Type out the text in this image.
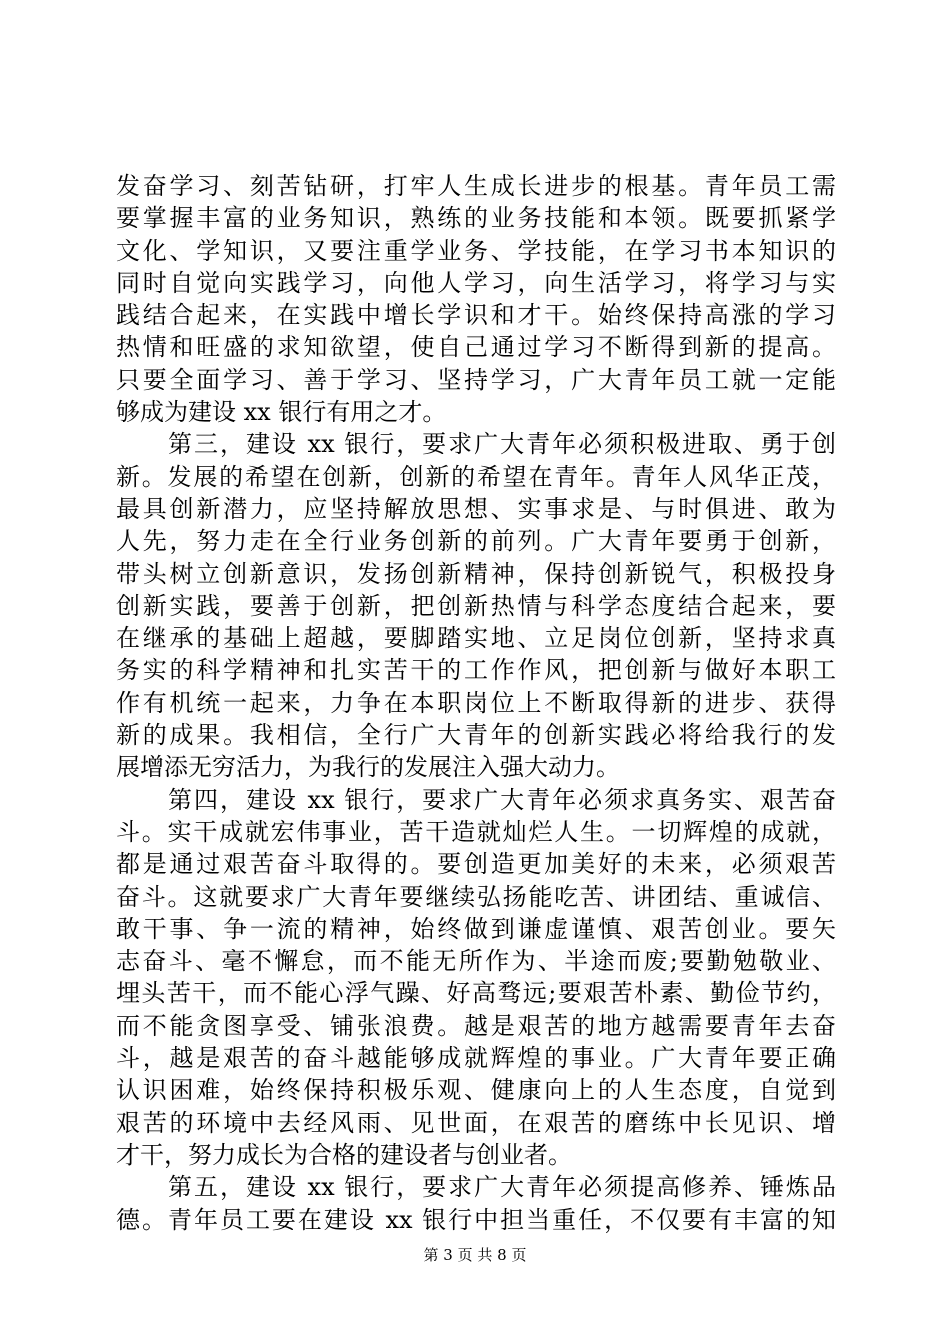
发奋学习、刻苦钻研，打牢人生成长进步的根基。青年员工需
要掌握丰富的业务知识，熟练的业务技能和本领。既要抓紧学
文化、学知识，又要注重学业务、学技能，在学习书本知识的
同时自觉向实践学习，向他人学习，向生活学习，将学习与实
践结合起来，在实践中增长学识和才干。始终保持高涨的学习
热情和旺盛的求知欲望，使自己通过学习不断得到新的提高。
只要全面学习、善于学习、坚持学习，广大青年员工就一定能
够成为建设 xx 银行有用之才。
　　第三，建设 xx 银行，要求广大青年必须积极进取、勇于创
新。发展的希望在创新，创新的希望在青年。青年人风华正茂，
最具创新潜力，应坚持解放思想、实事求是、与时俱进、敢为
人先，努力走在全行业务创新的前列。广大青年要勇于创新，
带头树立创新意识，发扬创新精神，保持创新锐气，积极投身
创新实践，要善于创新，把创新热情与科学态度结合起来，要
在继承的基础上超越，要脚踏实地、立足岗位创新，坚持求真
务实的科学精神和扎实苦干的工作作风，把创新与做好本职工
作有机统一起来，力争在本职岗位上不断取得新的进步、获得
新的成果。我相信，全行广大青年的创新实践必将给我行的发
展增添无穷活力，为我行的发展注入强大动力。
　　第四，建设 xx 银行，要求广大青年必须求真务实、艰苦奋
斗。实干成就宏伟事业，苦干造就灿烂人生。一切辉煌的成就，
都是通过艰苦奋斗取得的。要创造更加美好的未来，必须艰苦
奋斗。这就要求广大青年要继续弘扬能吃苦、讲团结、重诚信、
敢干事、争一流的精神，始终做到谦虚谨慎、艰苦创业。要矢
志奋斗、毫不懈怠，而不能无所作为、半途而废;要勤勉敬业、
埋头苦干，而不能心浮气躁、好高骛远;要艰苦朴素、勤俭节约，
而不能贪图享受、铺张浪费。越是艰苦的地方越需要青年去奋
斗，越是艰苦的奋斗越能够成就辉煌的事业。广大青年要正确
认识困难，始终保持积极乐观、健康向上的人生态度，自觉到
艰苦的环境中去经风雨、见世面，在艰苦的磨练中长见识、增
才干，努力成长为合格的建设者与创业者。
　　第五，建设 xx 银行，要求广大青年必须提高修养、锤炼品
德。青年员工要在建设 xx 银行中担当重任，不仅要有丰富的知
第 3 页 共 8 页
